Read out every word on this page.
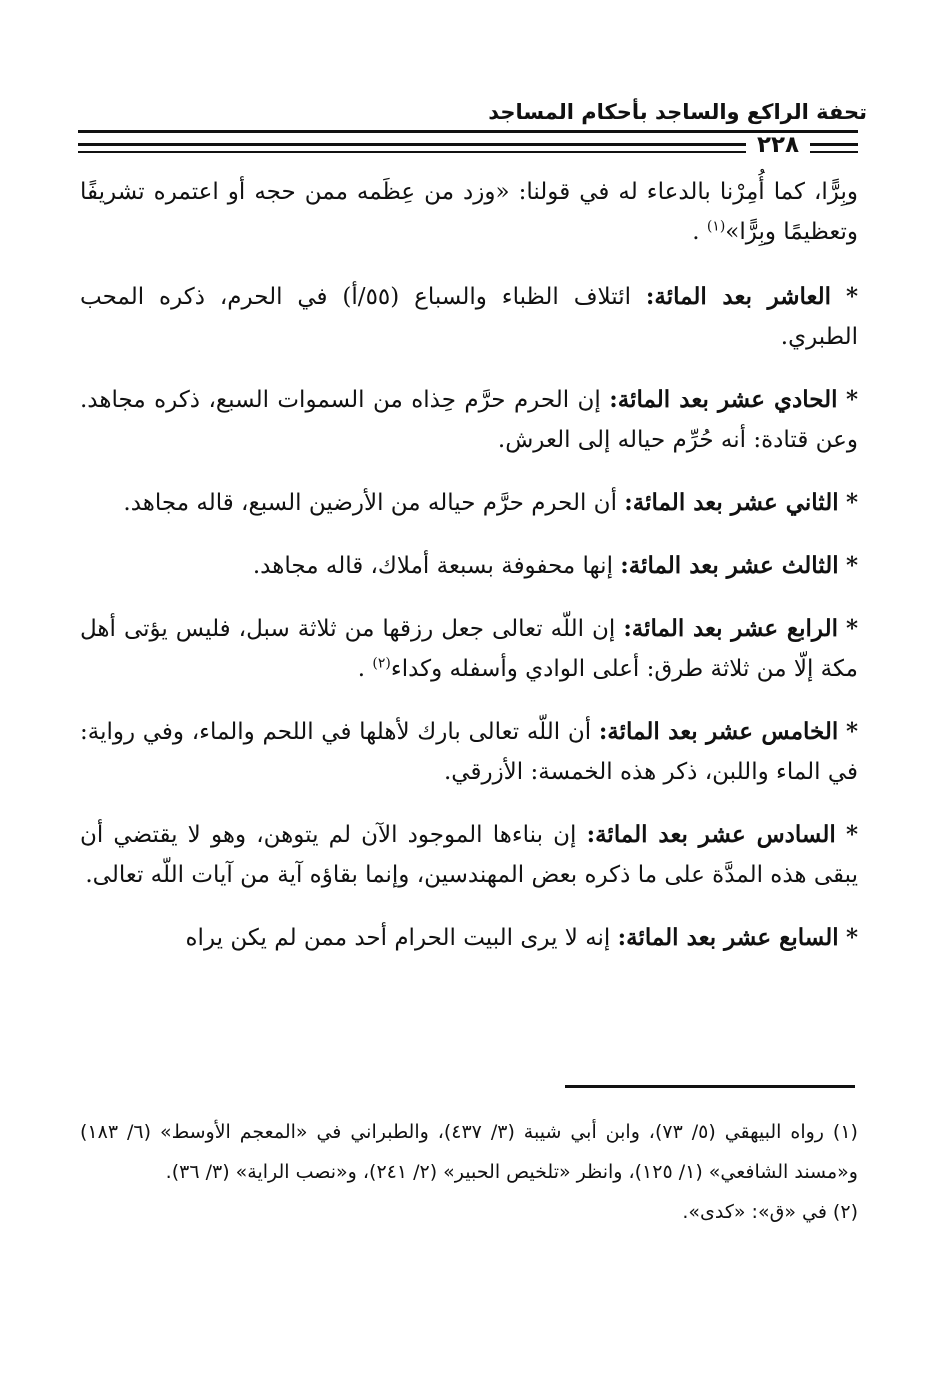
تحفة الراكع والساجد بأحكام المساجد
٢٢٨

وبِرًّا، كما أُمِرْنا بالدعاء له في قولنا: «وزد من عِظَمه ممن حجه أو اعتمره تشريفًا وتعظيمًا وبِرًّا»$^{(١)}$ .

* العاشر بعد المائة: ائتلاف الظباء والسباع (٥٥/أ) في الحرم، ذكره المحب الطبري.

* الحادي عشر بعد المائة: إن الحرم حرَّم حِذاه من السموات السبع، ذكره مجاهد. وعن قتادة: أنه حُرِّم حياله إلى العرش.

* الثاني عشر بعد المائة: أن الحرم حرَّم حياله من الأرضين السبع، قاله مجاهد.

* الثالث عشر بعد المائة: إنها محفوفة بسبعة أملاك، قاله مجاهد.

* الرابع عشر بعد المائة: إن اللّه تعالى جعل رزقها من ثلاثة سبل، فليس يؤتى أهل مكة إلّا من ثلاثة طرق: أعلى الوادي وأسفله وكداء$^{(٢)}$ .

* الخامس عشر بعد المائة: أن اللّه تعالى بارك لأهلها في اللحم والماء، وفي رواية: في الماء واللبن، ذكر هذه الخمسة: الأزرقي.

* السادس عشر بعد المائة: إن بناءها الموجود الآن لم يتوهن، وهو لا يقتضي أن يبقى هذه المدَّة على ما ذكره بعض المهندسين، وإنما بقاؤه آية من آيات اللّه تعالى.

* السابع عشر بعد المائة: إنه لا يرى البيت الحرام أحد ممن لم يكن يراه

(١) رواه البيهقي (٥/ ٧٣)، وابن أبي شيبة (٣/ ٤٣٧)، والطبراني في «المعجم الأوسط» (٦/ ١٨٣) و«مسند الشافعي» (١/ ١٢٥)، وانظر «تلخيص الحبير» (٢/ ٢٤١)، و«نصب الراية» (٣/ ٣٦).

(٢) في «ق»: «كدى».
